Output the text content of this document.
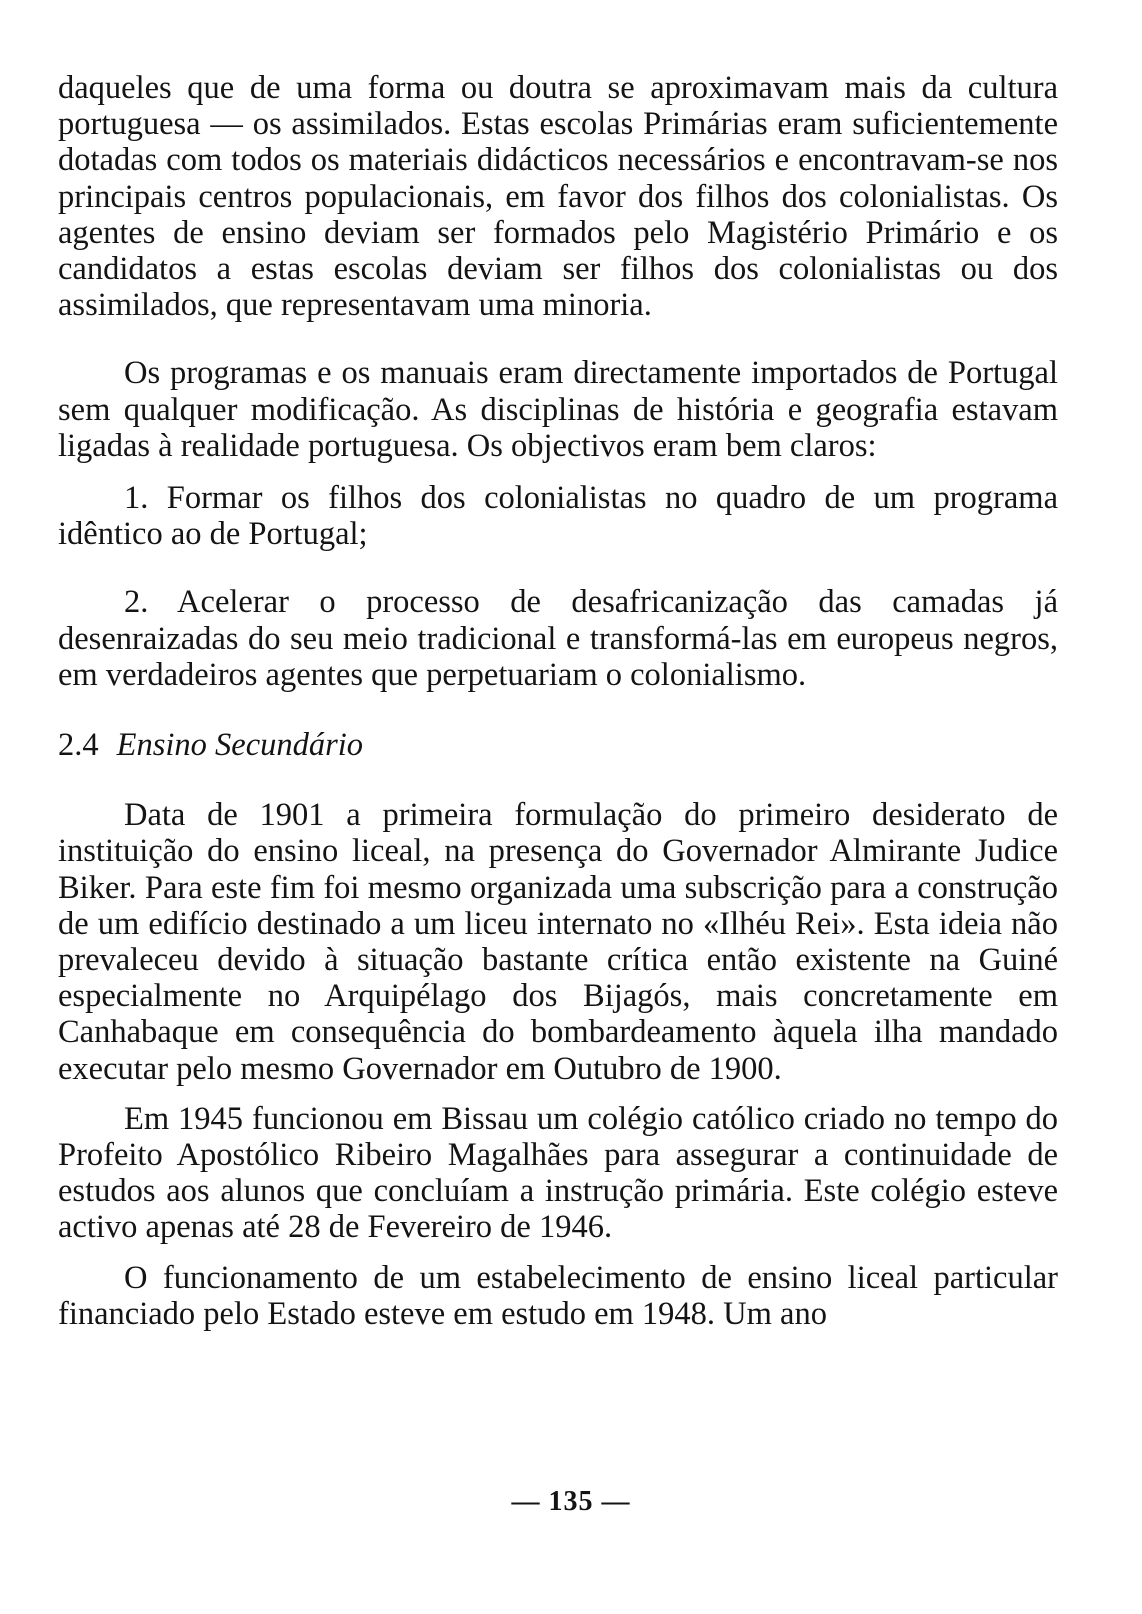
daqueles que de uma forma ou doutra se aproximavam mais da cultura portuguesa — os assimilados. Estas escolas Primárias eram suficientemente dotadas com todos os materiais didácticos necessários e encontravam-se nos principais centros populacionais, em favor dos filhos dos colonialistas. Os agentes de ensino deviam ser formados pelo Magistério Primário e os candidatos a estas escolas deviam ser filhos dos colonialistas ou dos assimilados, que representavam uma minoria.

Os programas e os manuais eram directamente importados de Portugal sem qualquer modificação. As disciplinas de história e geografia estavam ligadas à realidade portuguesa. Os objectivos eram bem claros:

1. Formar os filhos dos colonialistas no quadro de um programa idêntico ao de Portugal;

2. Acelerar o processo de desafricanização das camadas já desenraizadas do seu meio tradicional e transformá-las em europeus negros, em verdadeiros agentes que perpetuariam o colonialismo.

2.4 Ensino Secundário

Data de 1901 a primeira formulação do primeiro desiderato de instituição do ensino liceal, na presença do Governador Almirante Judice Biker. Para este fim foi mesmo organizada uma subscrição para a construção de um edifício destinado a um liceu internato no «Ilhéu Rei». Esta ideia não prevaleceu devido à situação bastante crítica então existente na Guiné especialmente no Arquipélago dos Bijagós, mais concretamente em Canhabaque em consequência do bombardeamento àquela ilha mandado executar pelo mesmo Governador em Outubro de 1900.

Em 1945 funcionou em Bissau um colégio católico criado no tempo do Profeito Apostólico Ribeiro Magalhães para assegurar a continuidade de estudos aos alunos que concluíam a instrução primária. Este colégio esteve activo apenas até 28 de Fevereiro de 1946.

O funcionamento de um estabelecimento de ensino liceal particular financiado pelo Estado esteve em estudo em 1948. Um ano

— 135 —
